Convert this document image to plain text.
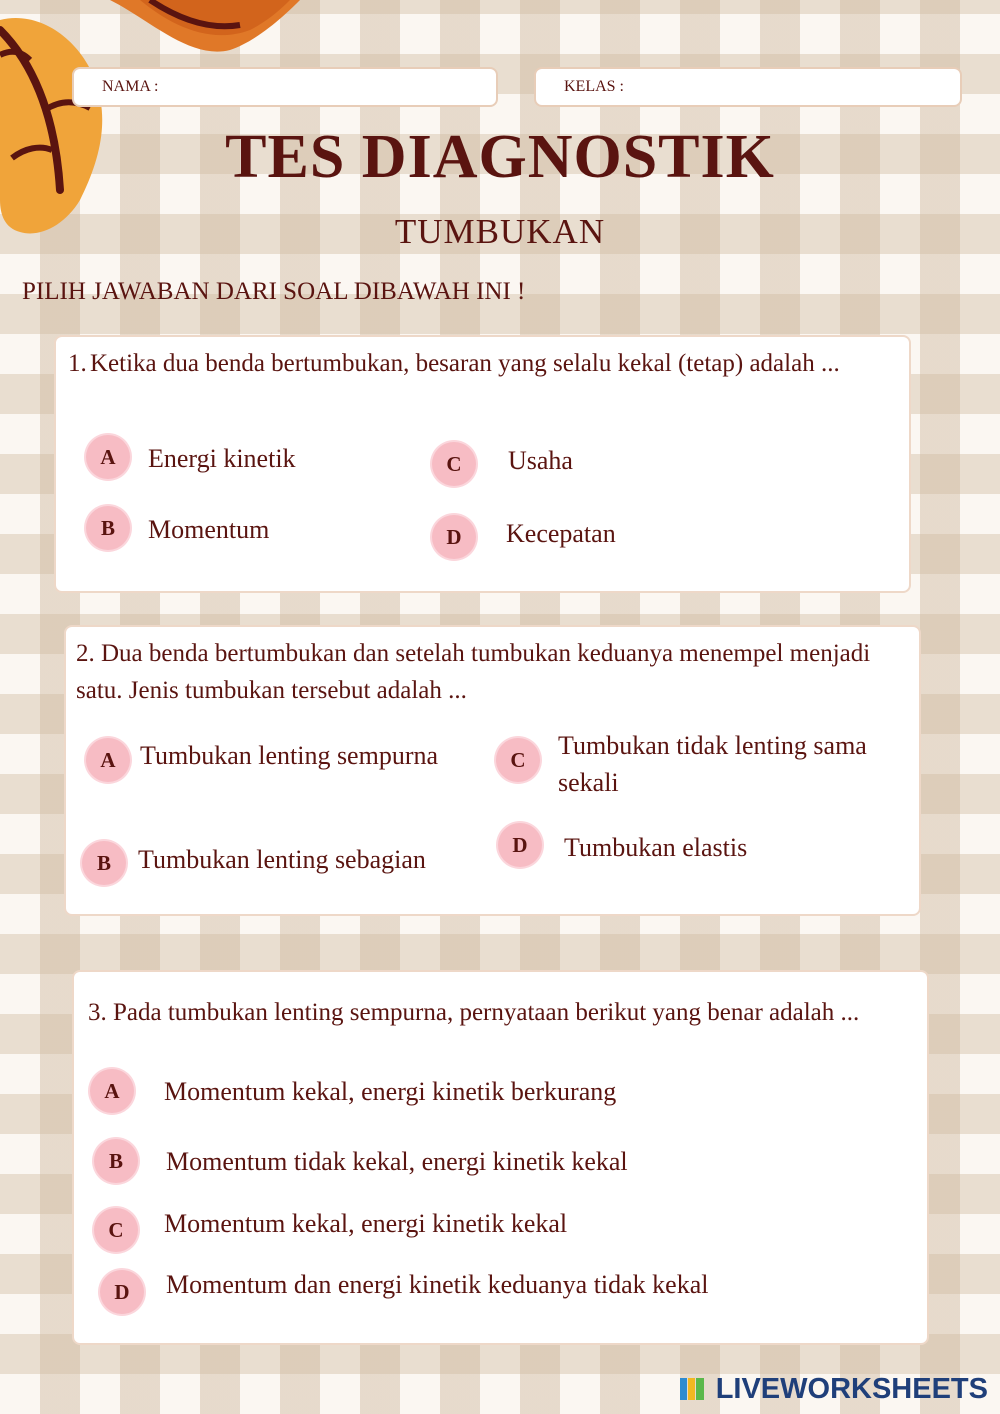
NAMA :	KELAS :
TES DIAGNOSTIK
TUMBUKAN
PILIH JAWABAN DARI SOAL DIBAWAH INI !
1. Ketika dua benda bertumbukan, besaran yang selalu kekal (tetap) adalah ...
A	Energi kinetik
B	Momentum
C	Usaha
D	Kecepatan
2. Dua benda bertumbukan dan setelah tumbukan keduanya menempel menjadi satu. Jenis tumbukan tersebut adalah ...
A Tumbukan lenting sempurna
B	Tumbukan lenting sebagian
C	Tumbukan tidak lenting sama sekali
D	Tumbukan elastis
3. Pada tumbukan lenting sempurna, pernyataan berikut yang benar adalah ...
A	Momentum kekal, energi kinetik berkurang
B	Momentum tidak kekal, energi kinetik kekal
C	Momentum kekal, energi kinetik kekal
D	Momentum dan energi kinetik keduanya tidak kekal
LIVEWORKSHEETS
